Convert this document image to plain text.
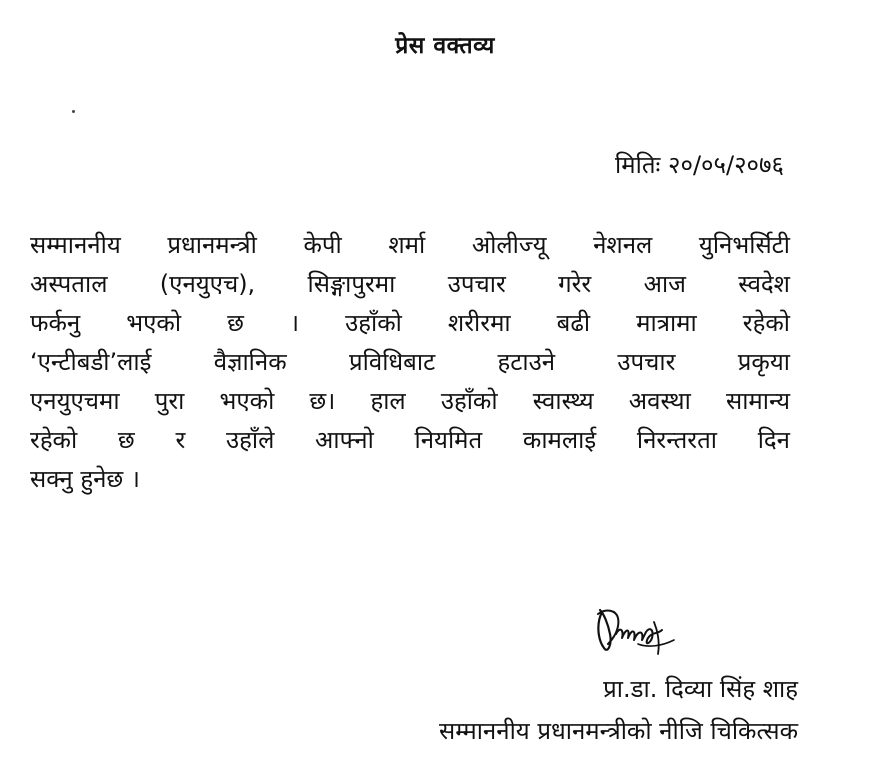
प्रेस वक्तव्य
मितिः २०/०५/२०७६
सम्माननीय प्रधानमन्त्री केपी शर्मा ओलीज्यू नेशनल युनिभर्सिटी
अस्पताल (एनयुएच), सिङ्गापुरमा उपचार गरेर आज स्वदेश
फर्कनु भएको छ । उहाँको शरीरमा बढी मात्रामा रहेको
‘एन्टीबडी’लाई वैज्ञानिक प्रविधिबाट हटाउने उपचार प्रकृया
एनयुएचमा पुरा भएको छ। हाल उहाँको स्वास्थ्य अवस्था सामान्य
रहेको छ र उहाँले आफ्नो नियमित कामलाई निरन्तरता दिन
सक्नु हुनेछ ।
प्रा.डा. दिव्या सिंह शाह
सम्माननीय प्रधानमन्त्रीको नीजि चिकित्सक
